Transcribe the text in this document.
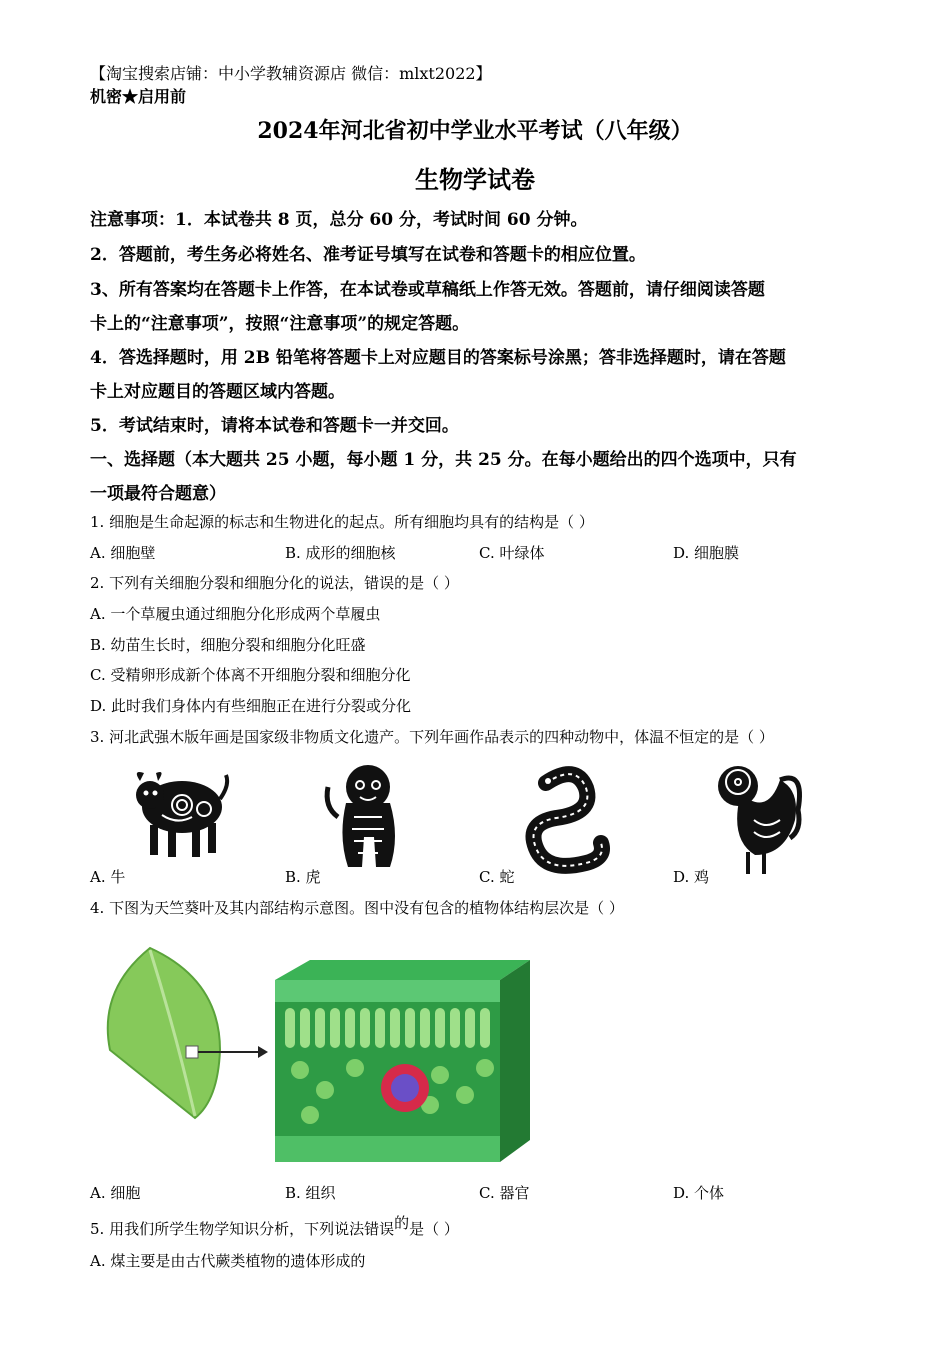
【淘宝搜索店铺：中小学教辅资源店 微信：mlxt2022】
机密★启用前
2024年河北省初中学业水平考试（八年级）
生物学试卷
注意事项：1．本试卷共 8 页，总分 60 分，考试时间 60 分钟。
2．答题前，考生务必将姓名、准考证号填写在试卷和答题卡的相应位置。
3、所有答案均在答题卡上作答，在本试卷或草稿纸上作答无效。答题前，请仔细阅读答题
卡上的“注意事项”，按照“注意事项”的规定答题。
4．答选择题时，用 2B 铅笔将答题卡上对应题目的答案标号涂黑；答非选择题时，请在答题
卡上对应题目的答题区域内答题。
5．考试结束时，请将本试卷和答题卡一并交回。
一、选择题（本大题共 25 小题，每小题 1 分，共 25 分。在每小题给出的四个选项中，只有
一项最符合题意）
1. 细胞是生命起源的标志和生物进化的起点。所有细胞均具有的结构是（ ）
A. 细胞壁	B. 成形的细胞核	C. 叶绿体	D. 细胞膜
2. 下列有关细胞分裂和细胞分化的说法，错误的是（ ）
A. 一个草履虫通过细胞分化形成两个草履虫
B. 幼苗生长时，细胞分裂和细胞分化旺盛
C. 受精卵形成新个体离不开细胞分裂和细胞分化
D. 此时我们身体内有些细胞正在进行分裂或分化
3. 河北武强木版年画是国家级非物质文化遗产。下列年画作品表示的四种动物中，体温不恒定的是（ ）
A. 牛	B. 虎	C. 蛇	D. 鸡
4. 下图为天竺葵叶及其内部结构示意图。图中没有包含的植物体结构层次是（ ）
A. 细胞	B. 组织	C. 器官	D. 个体
5. 用我们所学生物学知识分析，下列说法错误的是（ ）
A. 煤主要是由古代蕨类植物的遗体形成的
